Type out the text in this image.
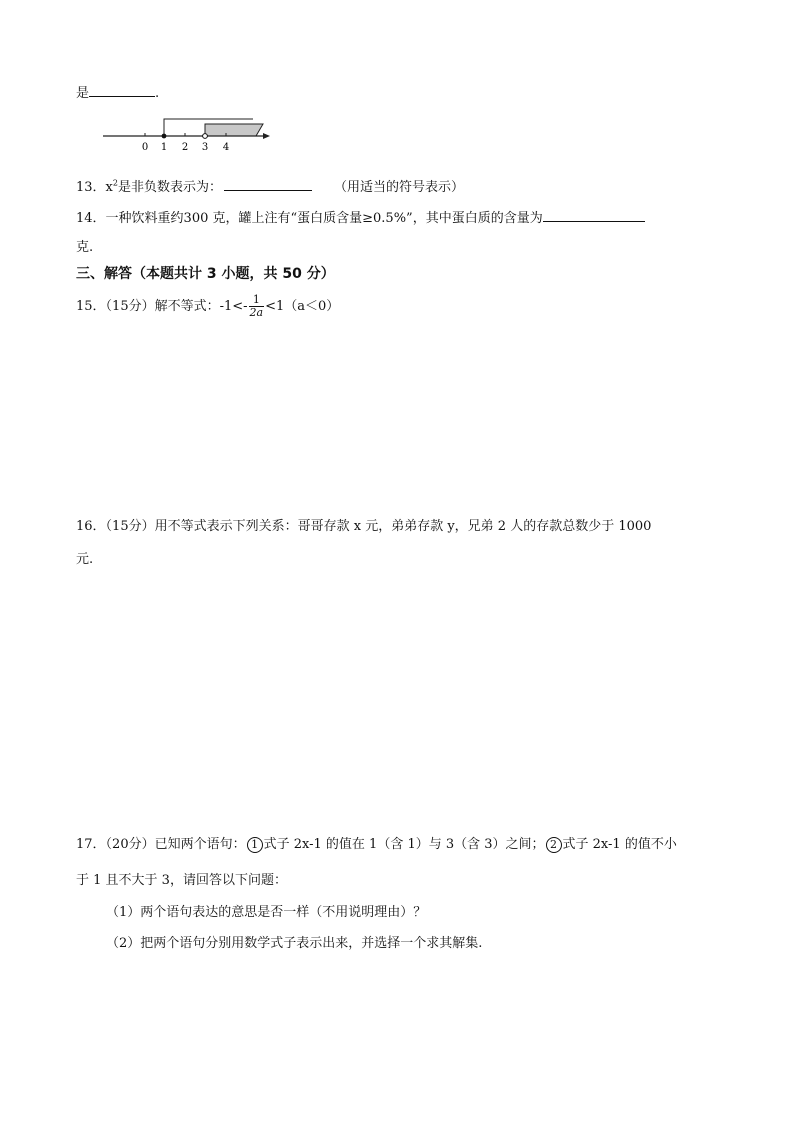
是	.
0 1 2 3 4
13．$x^2$是非负数表示为：	（用适当的符号表示）
14．一种饮料重约300 克，罐上注有“蛋白质含量≥0.5%”，其中蛋白质的含量为
克.
三、解答（本题共计 3 小题，共 50 分）
15．（15分）解不等式：$-1<- \frac{1}{2a} <1(a<0)$
16．（15分）用不等式表示下列关系：哥哥存款 x 元，弟弟存款 y，兄弟 2 人的存款总数少于 1000
元.
17．（20分）已知两个语句： 1 式子 2x-1 的值在 1（含 1）与 3（含 3）之间； 2 式子 2x-1 的值不小
于 1 且不大于 3，请回答以下问题：
（1）两个语句表达的意思是否一样（不用说明理由）？
（2）把两个语句分别用数学式子表示出来，并选择一个求其解集.
